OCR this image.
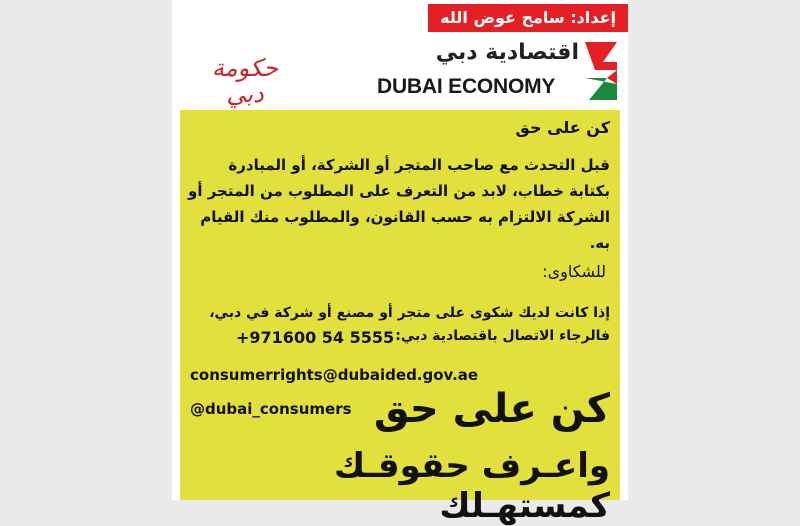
إعداد: سامح عوض الله
حكومة دبي
اقتصادية دبي
DUBAI ECONOMY
كن على حق
قبل التحدث مع صاحب المتجر أو الشركة، أو المبادرة بكتابة خطاب، لابد من التعرف على المطلوب من المتجر أو الشركة الالتزام به حسب القانون، والمطلوب منك القيام به.
للشكاوى:
إذا كانت لديك شكوى على متجر أو مصنع أو شركة في دبي، فالرجاء الاتصال باقتصادية دبي:
+971600 54 5555
consumerrights@dubaided.gov.ae
@dubai_consumers كن على حق
واعـرف حقوقـك كمستهـلك
